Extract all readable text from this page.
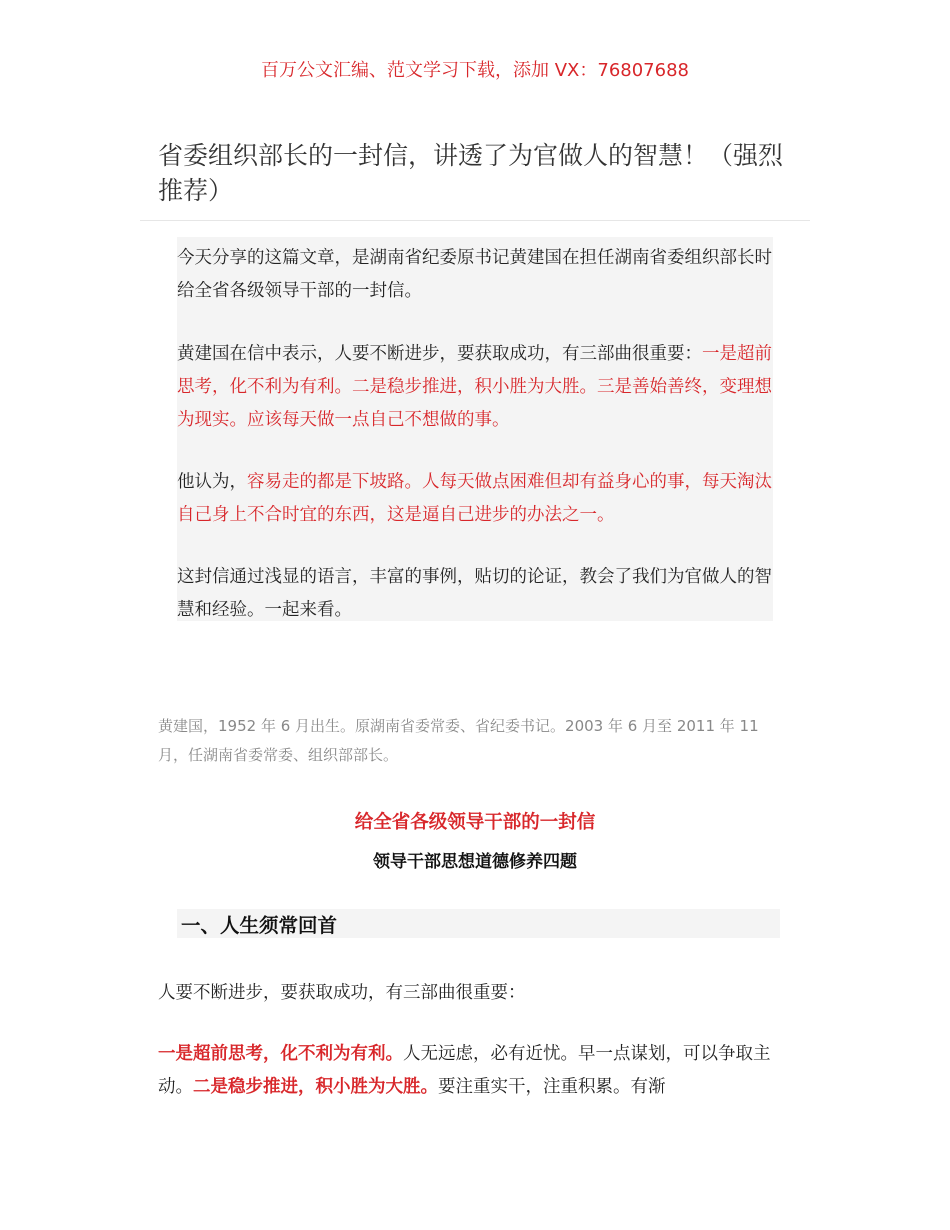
百万公文汇编、范文学习下载，添加 VX：76807688
省委组织部长的一封信，讲透了为官做人的智慧！（强烈推荐）

今天分享的这篇文章，是湖南省纪委原书记黄建国在担任湖南省委组织部长时给全省各级领导干部的一封信。

黄建国在信中表示，人要不断进步，要获取成功，有三部曲很重要：一是超前思考，化不利为有利。二是稳步推进，积小胜为大胜。三是善始善终，变理想为现实。应该每天做一点自己不想做的事。

他认为，容易走的都是下坡路。人每天做点困难但却有益身心的事，每天淘汰自己身上不合时宜的东西，这是逼自己进步的办法之一。

这封信通过浅显的语言，丰富的事例，贴切的论证，教会了我们为官做人的智慧和经验。一起来看。

黄建国，1952 年 6 月出生。原湖南省委常委、省纪委书记。2003 年 6 月至 2011 年 11 月，任湖南省委常委、组织部部长。

给全省各级领导干部的一封信
领导干部思想道德修养四题
一、人生须常回首

人要不断进步，要获取成功，有三部曲很重要：

一是超前思考，化不利为有利。人无远虑，必有近忧。早一点谋划，可以争取主动。二是稳步推进，积小胜为大胜。要注重实干，注重积累。有渐
